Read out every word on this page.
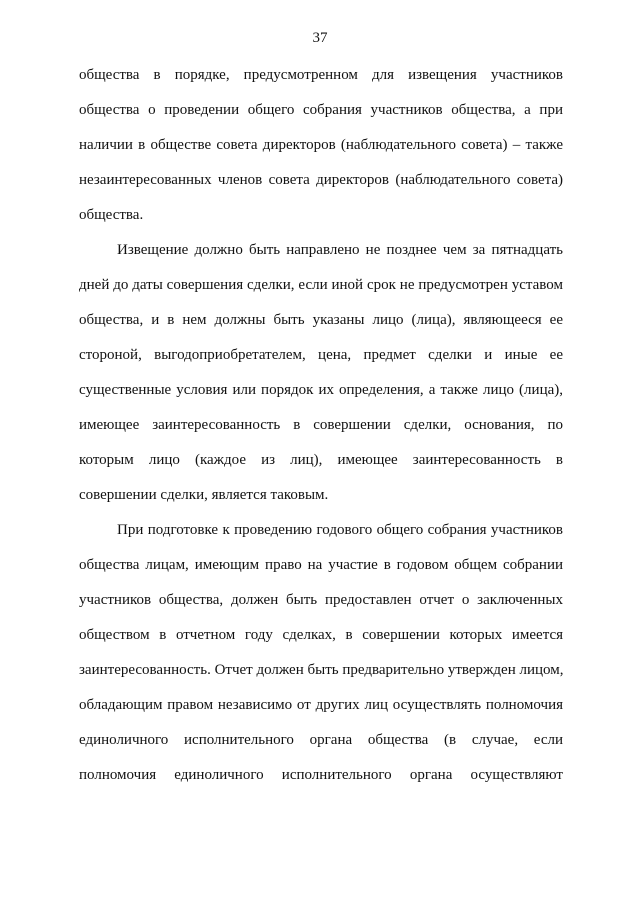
37
общества в порядке, предусмотренном для извещения участников
общества о проведении общего собрания участников общества, а при
наличии в обществе совета директоров (наблюдательного совета) – также
незаинтересованных членов совета директоров (наблюдательного совета)
общества.
Извещение должно быть направлено не позднее чем за пятнадцать
дней до даты совершения сделки, если иной срок не предусмотрен уставом
общества, и в нем должны быть указаны лицо (лица), являющееся ее
стороной, выгодоприобретателем, цена, предмет сделки и иные ее
существенные условия или порядок их определения, а также лицо (лица),
имеющее заинтересованность в совершении сделки, основания, по
которым лицо (каждое из лиц), имеющее заинтересованность в
совершении сделки, является таковым.
При подготовке к проведению годового общего собрания участников
общества лицам, имеющим право на участие в годовом общем собрании
участников общества, должен быть предоставлен отчет о заключенных
обществом в отчетном году сделках, в совершении которых имеется
заинтересованность. Отчет должен быть предварительно утвержден лицом,
обладающим правом независимо от других лиц осуществлять полномочия
единоличного исполнительного органа общества (в случае, если
полномочия единоличного исполнительного органа осуществляют
